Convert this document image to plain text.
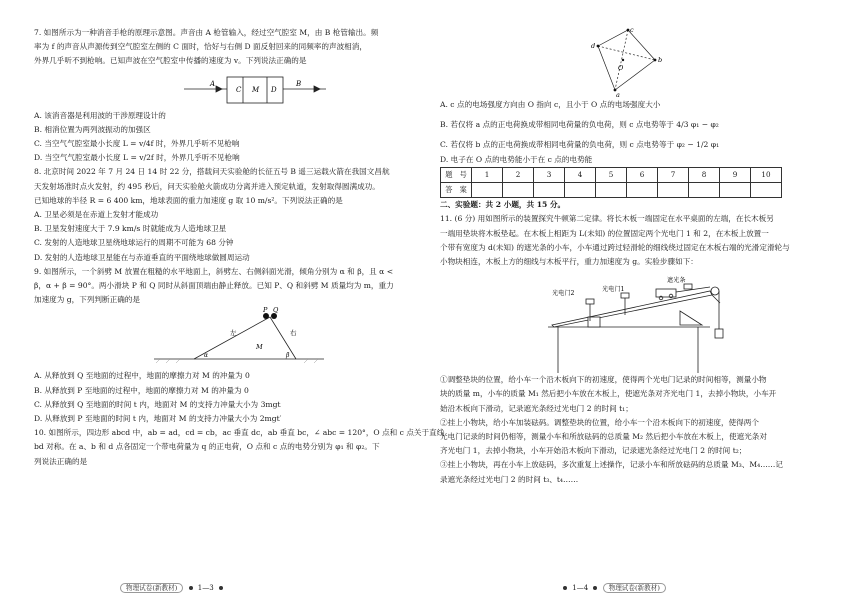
7. 如图所示为一种消音手枪的原理示意图。声音由 A 枪管输入，经过空气腔室 M，由 B 枪管输出。频
率为 f 的声音从声源传到空气腔室左侧的 C 面时，恰好与右侧 D 面反射回来的同频率的声波相消，
外界几乎听不到枪响。已知声波在空气腔室中传播的速度为 v。下列说法正确的是
A
C M D
B
A. 该消音器是利用波的干涉原理设计的
B. 相消位置为两列波振动的加强区
C. 当空气气腔室最小长度 L = v/4f 时，外界几乎听不见枪响
D. 当空气气腔室最小长度 L = v/2f 时，外界几乎听不见枪响
8. 北京时间 2022 年 7 月 24 日 14 时 22 分，搭载问天实验舱的长征五号 B 遥三运载火箭在我国文昌航
天发射场准时点火发射，约 495 秒后，问天实验舱火箭成功分离并进入预定轨道，发射取得圆满成功。
已知地球的半径 R = 6 400 km，地球表面的重力加速度 g 取 10 m/s²。下列说法正确的是
A. 卫星必须是在赤道上发射才能成功
B. 卫星发射速度大于 7.9 km/s 时就能成为人造地球卫星
C. 发射的人造地球卫星绕地球运行的周期不可能为 68 分钟
D. 发射的人造地球卫星能在与赤道垂直的平面绕地球做圆周运动
9. 如图所示，一个斜劈 M 放置在粗糙的水平地面上，斜劈左、右侧斜面光滑，倾角分别为 α 和 β，且 α <
β，α + β = 90°。两小滑块 P 和 Q 同时从斜面顶端由静止释放。已知 P、Q 和斜劈 M 质量均为 m，重力
加速度为 g，下列判断正确的是
P Q
左	右
M
α	β
A. 从释放到 Q 至地面的过程中，地面的摩擦力对 M 的冲量为 0
B. 从释放到 P 至地面的过程中，地面的摩擦力对 M 的冲量为 0
C. 从释放到 Q 至地面的时间 t 内，地面对 M 的支持力冲量大小为 3mgt
D. 从释放到 P 至地面的时间 t 内，地面对 M 的支持力冲量大小为 2mgt′
10. 如图所示，四边形 abcd 中，ab = ad，cd = cb，ac 垂直 dc，ab 垂直 bc，∠ abc = 120°，O 点和 c 点关于直线
bd 对称。在 a、b 和 d 点各固定一个带电荷量为 q 的正电荷，O 点和 c 点的电势分别为 φ₁ 和 φ₂。下
列说法正确的是
物理试卷(新教材)	1—3
d
c
b
a
O
A. c 点的电场强度方向由 O 指向 c，且小于 O 点的电场强度大小
B. 若仅将 a 点的正电荷换成带相同电荷量的负电荷，则 c 点电势等于 4/3 φ₁ − φ₂
C. 若仅将 b 点的正电荷换成带相同电荷量的负电荷，则 c 点电势等于 φ₂ − 1/2 φ₁
D. 电子在 O 点的电势能小于在 c 点的电势能
题　号	1	2	3	4	5	6	7	8	9	10
答　案										
二、实验题：共 2 小题，共 15 分。
11. (6 分) 用如图所示的装置探究牛顿第二定律。将长木板一端固定在水平桌面的左端，在长木板另
一端用垫块将木板垫起。在木板上相距为 L(未知) 的位置固定两个光电门 1 和 2，在木板上放置一
个带有宽度为 d(未知) 的遮光条的小车，小车通过跨过轻滑轮的细线绕过固定在木板右端的光滑定滑轮与
小物块相连，木板上方的细线与木板平行，重力加速度为 g。实验步骤如下：
光电门2
光电门1
遮光条
①调整垫块的位置，给小车一个沿木板向下的初速度，使得两个光电门记录的时间相等，测量小物
块的质量 m，小车的质量 M₁ 然后把小车放在木板上，使遮光条对齐光电门 1，去掉小物块，小车开
始沿木板向下滑动，记录遮光条经过光电门 2 的时间 t₁；
②挂上小物块，给小车加装砝码。调整垫块的位置，给小车一个沿木板向下的初速度，使得两个
光电门记录的时间仍相等，测量小车和所放砝码的总质量 M₂ 然后把小车放在木板上，使遮光条对
齐光电门 1，去掉小物块，小车开始沿木板向下滑动，记录遮光条经过光电门 2 的时间 t₂；
③挂上小物块，再在小车上放砝码，多次重复上述操作，记录小车和所放砝码的总质量 M₃、M₄……记
录遮光条经过光电门 2 的时间 t₃、t₄……
1—4	物理试卷(新教材)
